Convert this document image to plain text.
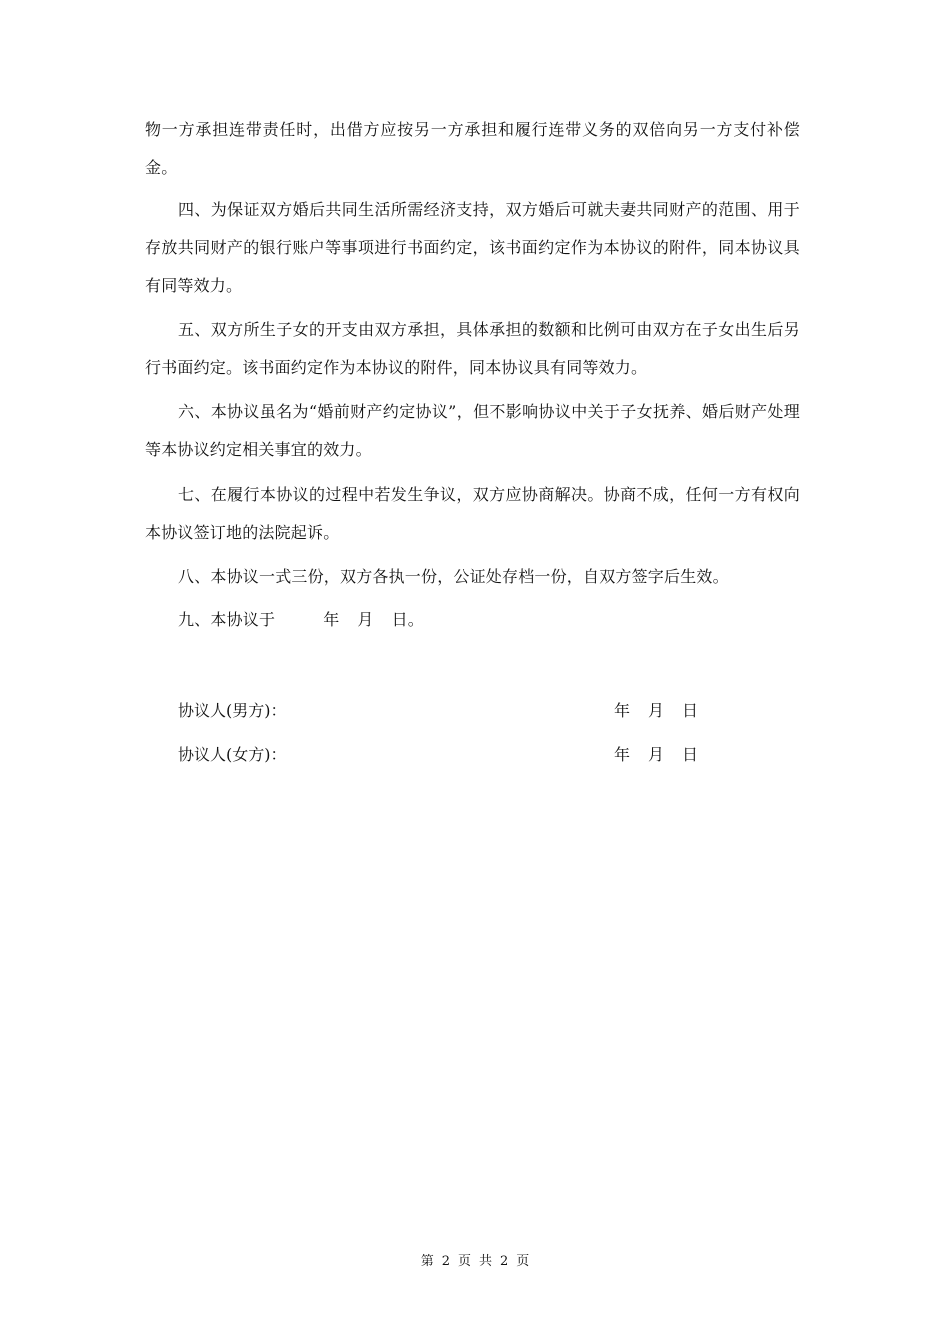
物一方承担连带责任时，出借方应按另一方承担和履行连带义务的双倍向另一方支付补偿金。

四、为保证双方婚后共同生活所需经济支持，双方婚后可就夫妻共同财产的范围、用于存放共同财产的银行账户等事项进行书面约定，该书面约定作为本协议的附件，同本协议具有同等效力。

五、双方所生子女的开支由双方承担，具体承担的数额和比例可由双方在子女出生后另行书面约定。该书面约定作为本协议的附件，同本协议具有同等效力。

六、本协议虽名为“婚前财产约定协议”，但不影响协议中关于子女抚养、婚后财产处理等本协议约定相关事宜的效力。

七、在履行本协议的过程中若发生争议，双方应协商解决。协商不成，任何一方有权向本协议签订地的法院起诉。

八、本协议一式三份，双方各执一份，公证处存档一份，自双方签字后生效。

九、本协议于	年 月 日。

协议人(男方)：	年 月 日
协议人(女方)：	年 月 日
第 2 页 共 2 页
